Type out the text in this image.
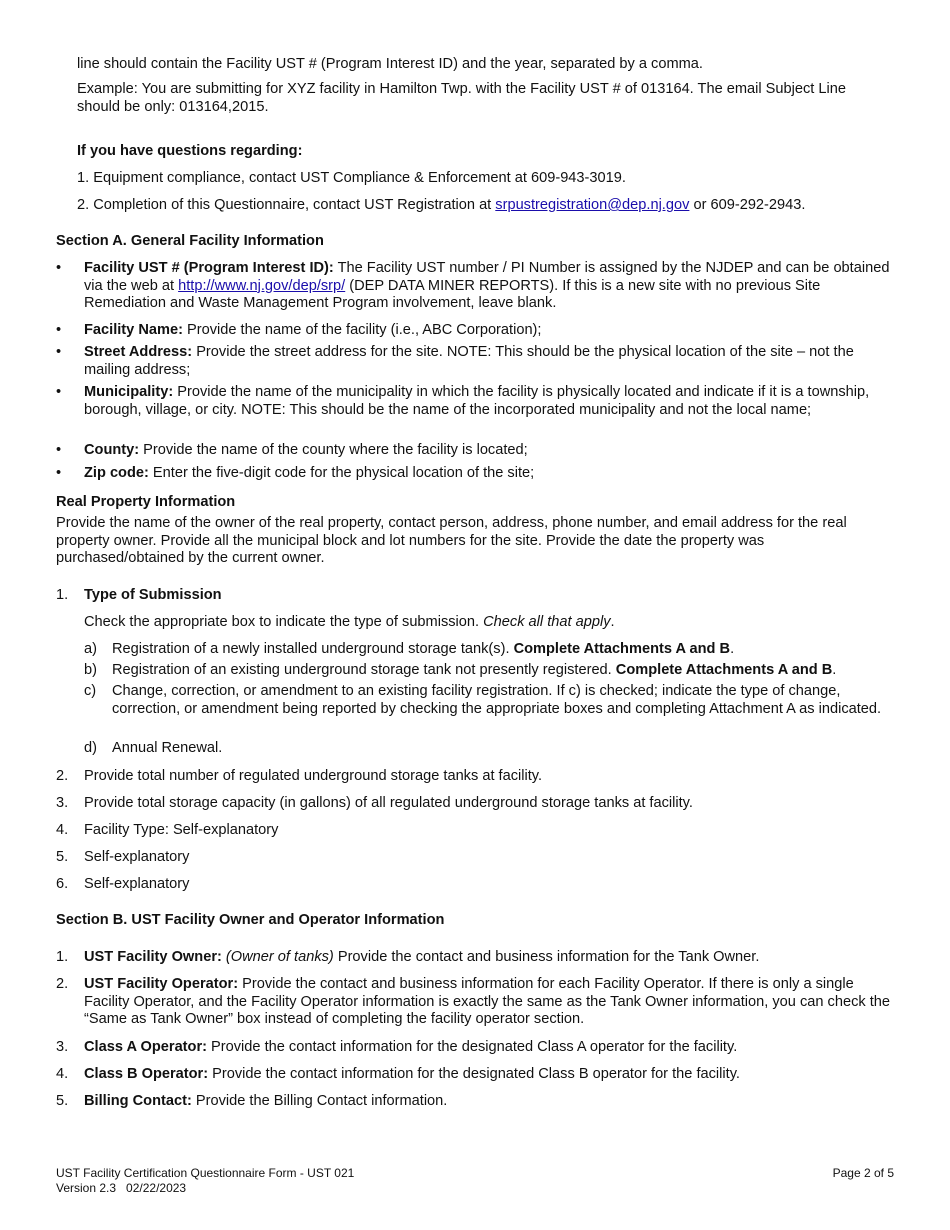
line should contain the Facility UST # (Program Interest ID) and the year, separated by a comma.
Example: You are submitting for XYZ facility in Hamilton Twp. with the Facility UST # of 013164. The email Subject Line should be only: 013164,2015.
If you have questions regarding:
1. Equipment compliance, contact UST Compliance & Enforcement at 609-943-3019.
2. Completion of this Questionnaire, contact UST Registration at srpustregistration@dep.nj.gov or 609-292-2943.
Section A. General Facility Information
•	Facility UST # (Program Interest ID): The Facility UST number / PI Number is assigned by the NJDEP and can be obtained via the web at http://www.nj.gov/dep/srp/ (DEP DATA MINER REPORTS). If this is a new site with no previous Site Remediation and Waste Management Program involvement, leave blank.
•	Facility Name: Provide the name of the facility (i.e., ABC Corporation);
•	Street Address: Provide the street address for the site. NOTE: This should be the physical location of the site – not the mailing address;
•	Municipality: Provide the name of the municipality in which the facility is physically located and indicate if it is a township, borough, village, or city. NOTE: This should be the name of the incorporated municipality and not the local name;
•	County: Provide the name of the county where the facility is located;
•	Zip code: Enter the five-digit code for the physical location of the site;
Real Property Information
Provide the name of the owner of the real property, contact person, address, phone number, and email address for the real property owner. Provide all the municipal block and lot numbers for the site. Provide the date the property was purchased/obtained by the current owner.
1. Type of Submission
Check the appropriate box to indicate the type of submission. Check all that apply.
a) Registration of a newly installed underground storage tank(s). Complete Attachments A and B.
b) Registration of an existing underground storage tank not presently registered. Complete Attachments A and B.
c) Change, correction, or amendment to an existing facility registration. If c) is checked; indicate the type of change, correction, or amendment being reported by checking the appropriate boxes and completing Attachment A as indicated.
d) Annual Renewal.
2. Provide total number of regulated underground storage tanks at facility.
3. Provide total storage capacity (in gallons) of all regulated underground storage tanks at facility.
4. Facility Type: Self-explanatory
5. Self-explanatory
6. Self-explanatory
Section B. UST Facility Owner and Operator Information
1. UST Facility Owner: (Owner of tanks) Provide the contact and business information for the Tank Owner.
2. UST Facility Operator: Provide the contact and business information for each Facility Operator. If there is only a single Facility Operator, and the Facility Operator information is exactly the same as the Tank Owner information, you can check the “Same as Tank Owner” box instead of completing the facility operator section.
3. Class A Operator: Provide the contact information for the designated Class A operator for the facility.
4. Class B Operator: Provide the contact information for the designated Class B operator for the facility.
5. Billing Contact: Provide the Billing Contact information.
UST Facility Certification Questionnaire Form - UST 021
Version 2.3   02/22/2023
Page 2 of 5
